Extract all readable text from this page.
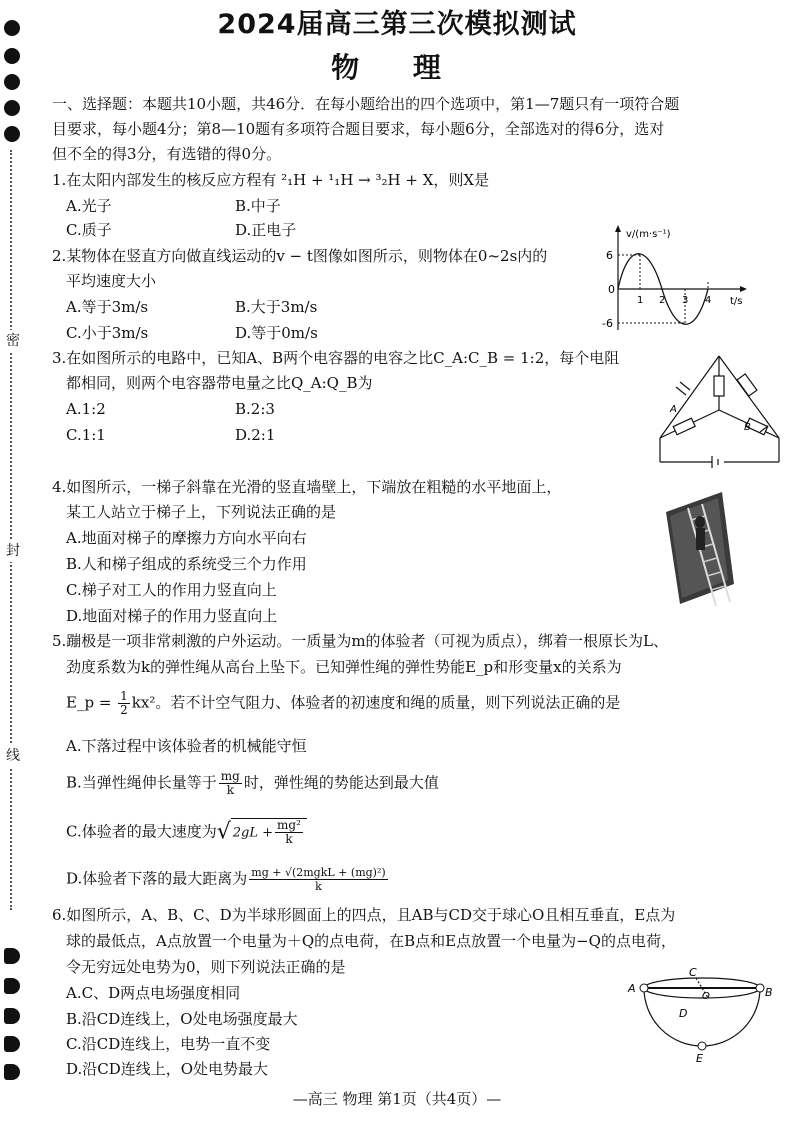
密
封
线
2024届高三第三次模拟测试
物 理
一、选择题：本题共10小题，共46分．在每小题给出的四个选项中，第1—7题只有一项符合题
目要求，每小题4分；第8—10题有多项符合题目要求，每小题6分，全部选对的得6分，选对
但不全的得3分，有选错的得0分。
1.在太阳内部发生的核反应方程有 ²₁H + ¹₁H → ³₂H + X，则X是
A.光子	B.中子
C.质子	D.正电子
2.某物体在竖直方向做直线运动的v − t图像如图所示，则物体在0~2s内的
平均速度大小
A.等于3m/s	B.大于3m/s
C.小于3m/s	D.等于0m/s
v/(m·s⁻¹)
6
-6
0
1 2 3 4 t/s
3.在如图所示的电路中，已知A、B两个电容器的电容之比C_A:C_B = 1:2，每个电阻
都相同，则两个电容器带电量之比Q_A:Q_B为
A.1:2	B.2:3
C.1:1	D.2:1
A
B
4.如图所示，一梯子斜靠在光滑的竖直墙壁上，下端放在粗糙的水平地面上，
某工人站立于梯子上，下列说法正确的是
A.地面对梯子的摩擦力方向水平向右
B.人和梯子组成的系统受三个力作用
C.梯子对工人的作用力竖直向上
D.地面对梯子的作用力竖直向上
5.蹦极是一项非常刺激的户外运动。一质量为m的体验者（可视为质点），绑着一根原长为L、
劲度系数为k的弹性绳从高台上坠下。已知弹性绳的弹性势能E_p和形变量x的关系为
E_p = $\frac{1}{2} kx^2$。若不计空气阻力、体验者的初速度和绳的质量，则下列说法正确的是
A.下落过程中该体验者的机械能守恒
B.当弹性绳伸长量等于 $\frac{mg}{k}$ 时，弹性绳的势能达到最大值
C.体验者的最大速度为√ $2gL + \frac{\text{mg²}}{k}$
D.体验者下落的最大距离为 $\frac{\text{mg + √(2mgkL + (mg)²)}}{k}$
6.如图所示，A、B、C、D为半球形圆面上的四点，且AB与CD交于球心O且相互垂直，E点为
球的最低点，A点放置一个电量为＋Q的点电荷，在B点和E点放置一个电量为−Q的点电荷，
令无穷远处电势为0，则下列说法正确的是
A.C、D两点电场强度相同
B.沿CD连线上，O处电场强度最大
C.沿CD连线上，电势一直不变
D.沿CD连线上，O处电势最大
A	B
C
O
D
E
—高三 物理 第1页（共4页）—
